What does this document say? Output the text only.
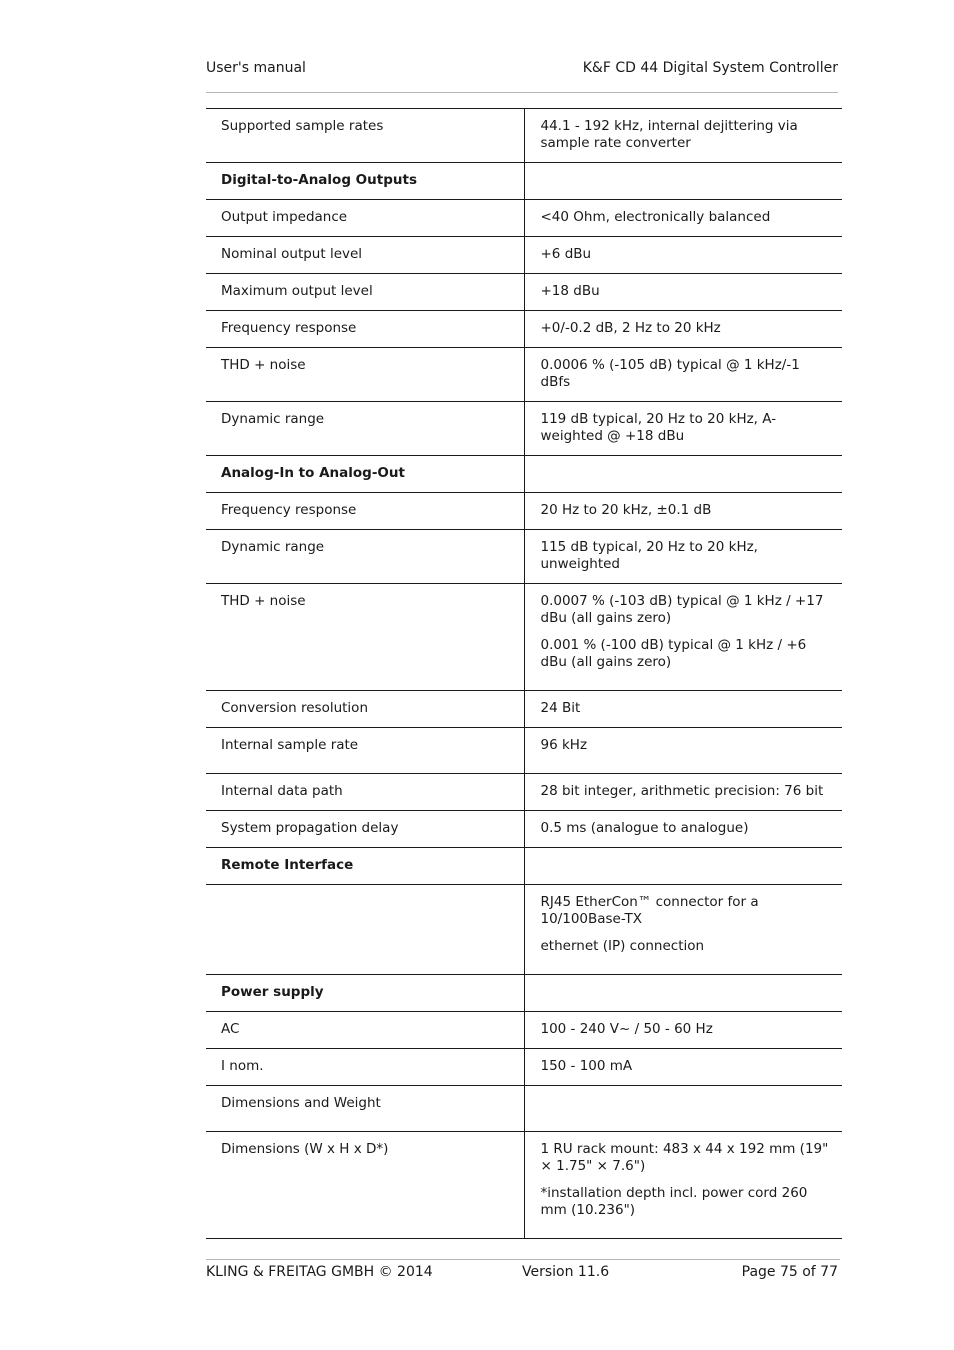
User's manual	K&F CD 44 Digital System Controller
Supported sample rates	44.1 - 192 kHz, internal dejittering via sample rate converter

Digital-to-Analog Outputs	
Output impedance	<40 Ohm, electronically balanced

Nominal output level	+6 dBu

Maximum output level	+18 dBu

Frequency response	+0/-0.2 dB, 2 Hz to 20 kHz

THD + noise	0.0006 % (-105 dB) typical @ 1 kHz/-1 dBfs

Dynamic range	119 dB typical, 20 Hz to 20 kHz, A-weighted @ +18 dBu

Analog-In to Analog-Out	
Frequency response	20 Hz to 20 kHz, ±0.1 dB

Dynamic range	115 dB typical, 20 Hz to 20 kHz, unweighted

THD + noise	0.0007 % (-103 dB) typical @ 1 kHz / +17 dBu (all gains zero)

0.001 % (-100 dB) typical @ 1 kHz / +6 dBu (all gains zero)

Conversion resolution	24 Bit

Internal sample rate	96 kHz

Internal data path	28 bit integer, arithmetic precision: 76 bit

System propagation delay	0.5 ms (analogue to analogue)

Remote Interface	

	RJ45 EtherCon™ connector for a 10/100Base-TX

ethernet (IP) connection

Power supply	
AC	100 - 240 V~ / 50 - 60 Hz

I nom.	150 - 100 mA

Dimensions and Weight	
Dimensions (W x H x D*)	1 RU rack mount: 483 x 44 x 192 mm (19" × 1.75" × 7.6")

*installation depth incl. power cord 260 mm (10.236")

KLING & FREITAG GMBH © 2014	Version 11.6	Page 75 of 77
